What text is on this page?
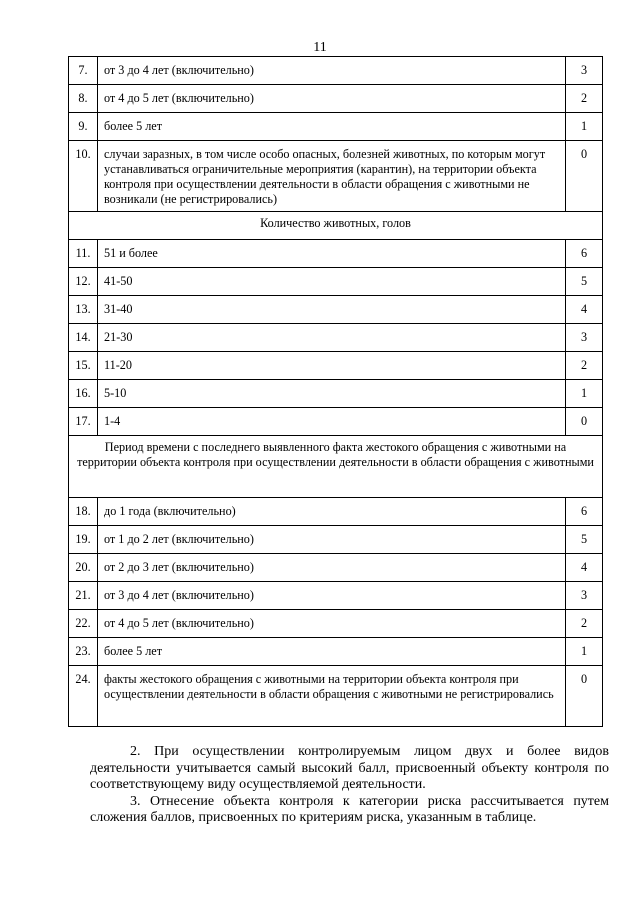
11
7.	от 3 до 4 лет (включительно)	3
8.	от 4 до 5 лет (включительно)	2
9.	более 5 лет	1
10.	случаи заразных, в том числе особо опасных, болезней животных, по которым могут устанавливаться ограничительные мероприятия (карантин), на территории объекта контроля при осуществлении деятельности в области обращения с животными не возникали (не регистрировались)	0
Количество животных, голов		
11.	51 и более	6
12.	41-50	5
13.	31-40	4
14.	21-30	3
15.	11-20	2
16.	5-10	1
17.	1-4	0
Период времени с последнего выявленного факта жестокого обращения с животными на территории объекта контроля при осуществлении деятельности в области обращения с животными		
18.	до 1 года (включительно)	6
19.	от 1 до 2 лет (включительно)	5
20.	от 2 до 3 лет (включительно)	4
21.	от 3 до 4 лет (включительно)	3
22.	от 4 до 5 лет (включительно)	2
23.	более 5 лет	1
24.	факты жестокого обращения с животными на территории объекта контроля при осуществлении деятельности в области обращения с животными не регистрировались	0

2. При осуществлении контролируемым лицом двух и более видов деятельности учитывается самый высокий балл, присвоенный объекту контроля по соответствующему виду осуществляемой деятельности.

3. Отнесение объекта контроля к категории риска рассчитывается путем сложения баллов, присвоенных по критериям риска, указанным в таблице.
